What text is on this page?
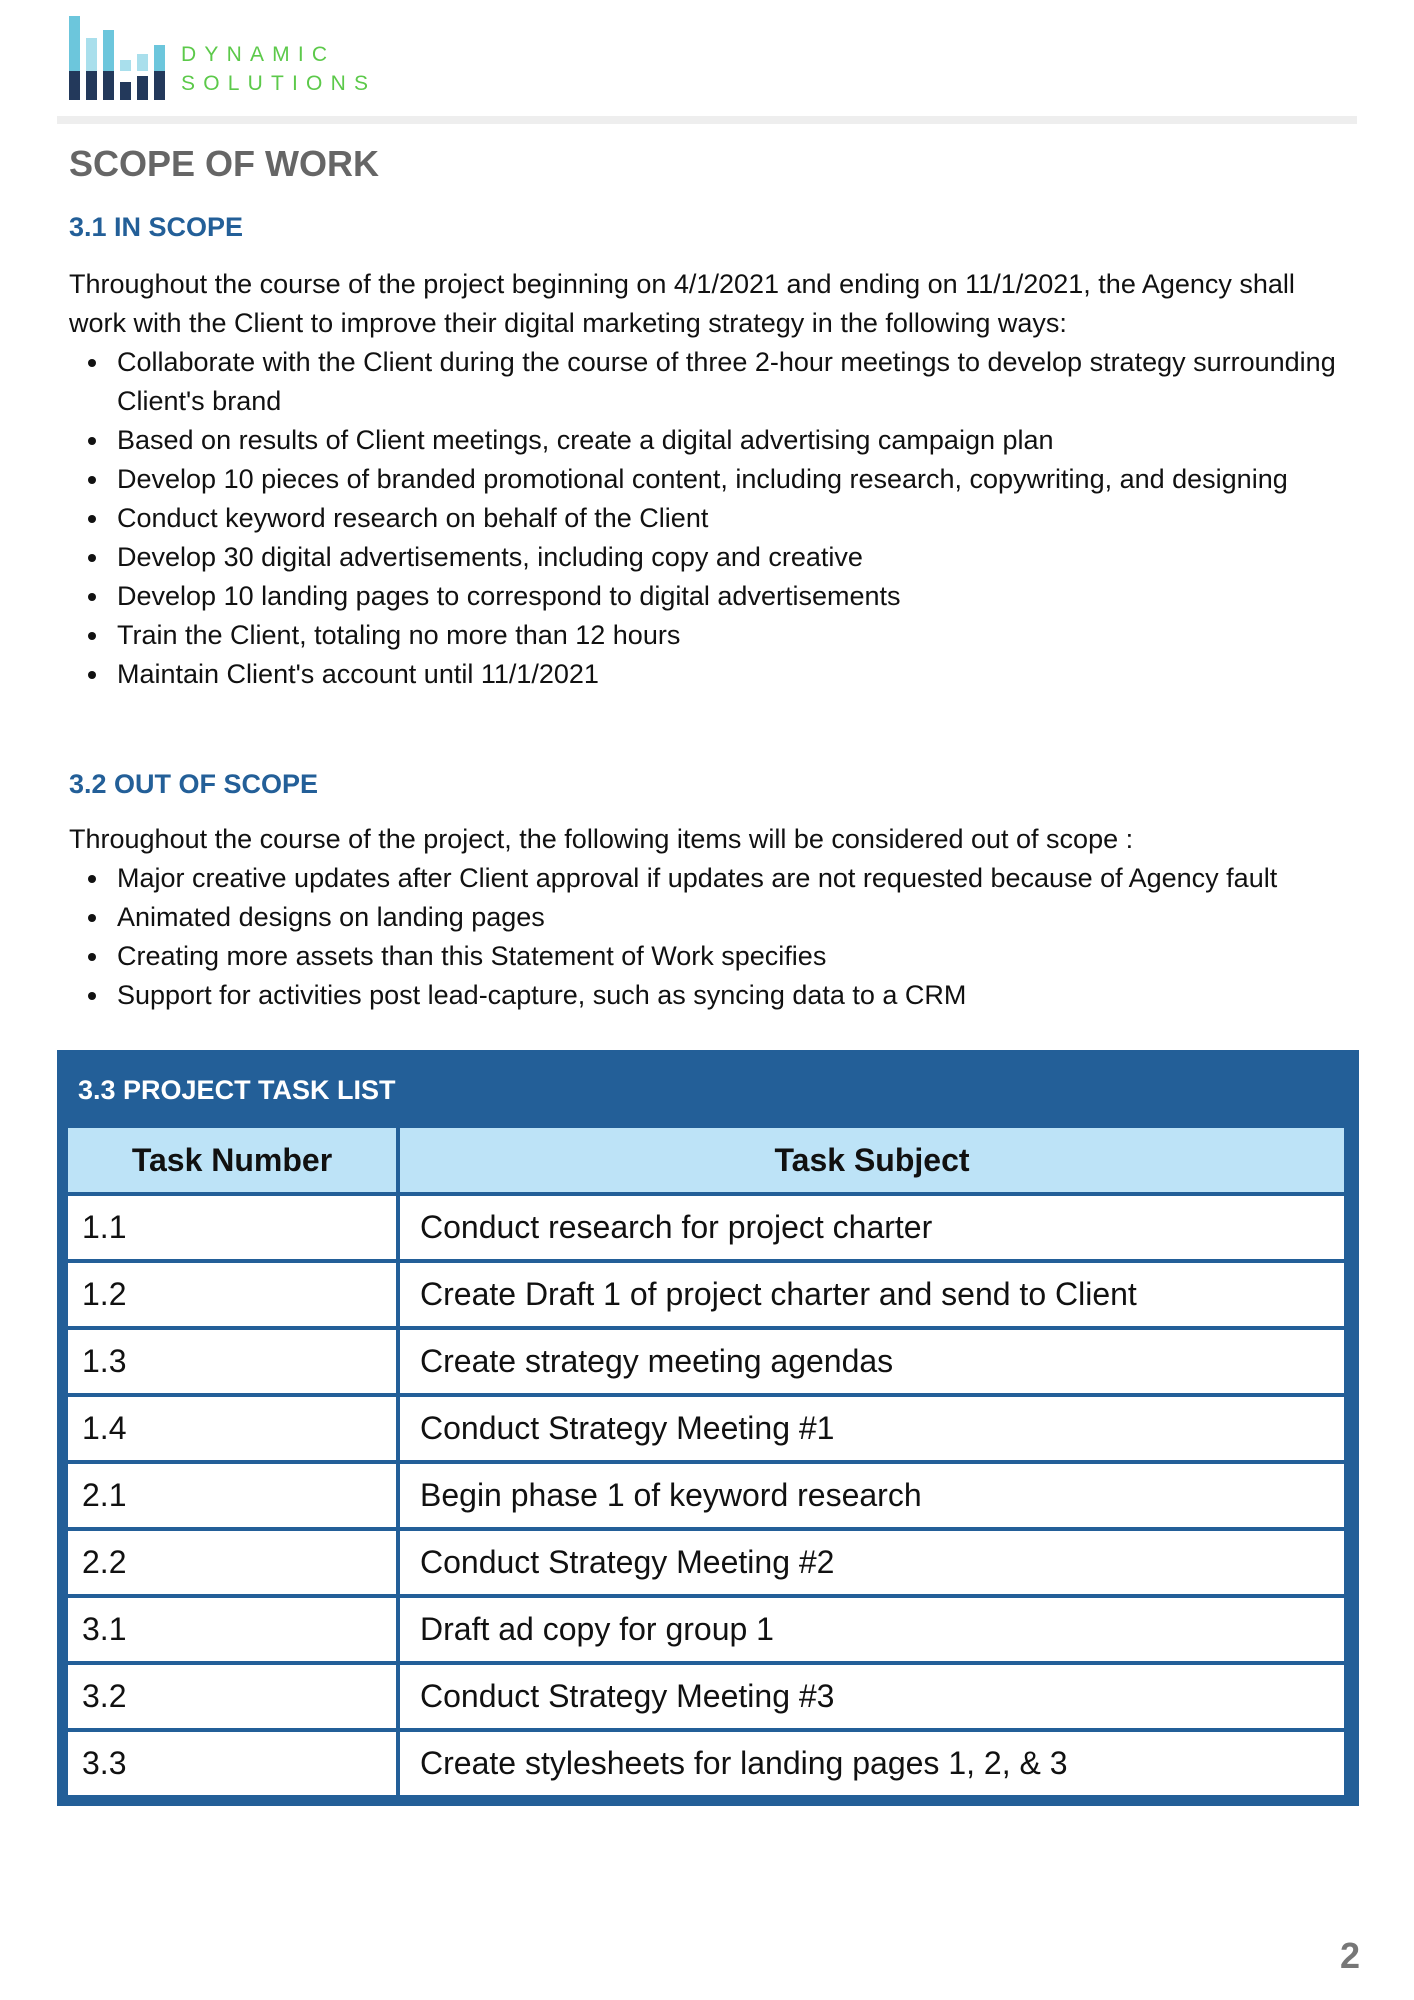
DYNAMIC
SOLUTIONS
SCOPE OF WORK
3.1 IN SCOPE

Throughout the course of the project beginning on 4/1/2021 and ending on 11/1/2021, the Agency shall work with the Client to improve their digital marketing strategy in the following ways:

Collaborate with the Client during the course of three 2-hour meetings to develop strategy surrounding Client's brand
Based on results of Client meetings, create a digital advertising campaign plan
Develop 10 pieces of branded promotional content, including research, copywriting, and designing
Conduct keyword research on behalf of the Client
Develop 30 digital advertisements, including copy and creative
Develop 10 landing pages to correspond to digital advertisements
Train the Client, totaling no more than 12 hours
Maintain Client's account until 11/1/2021
3.2 OUT OF SCOPE

Throughout the course of the project, the following items will be considered out of scope :

Major creative updates after Client approval if updates are not requested because of Agency fault
Animated designs on landing pages
Creating more assets than this Statement of Work specifies
Support for activities post lead-capture, such as syncing data to a CRM
3.3 PROJECT TASK LIST
Task Number	Task Subject
1.1	Conduct research for project charter
1.2	Create Draft 1 of project charter and send to Client
1.3	Create strategy meeting agendas
1.4	Conduct Strategy Meeting #1
2.1	Begin phase 1 of keyword research
2.2	Conduct Strategy Meeting #2
3.1	Draft ad copy for group 1
3.2	Conduct Strategy Meeting #3
3.3	Create stylesheets for landing pages 1, 2, & 3
2
